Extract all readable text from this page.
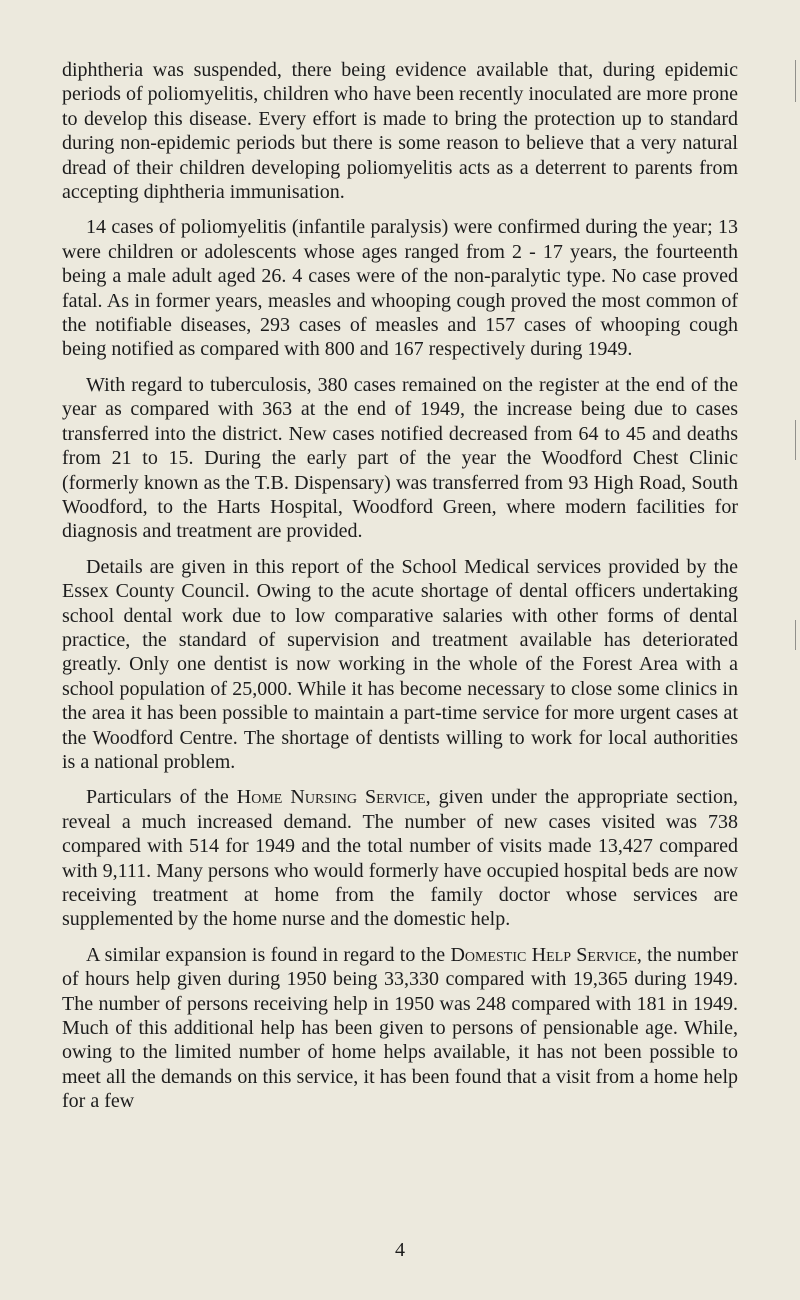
diphtheria was suspended, there being evidence available that, during epidemic periods of poliomyelitis, children who have been recently inoculated are more prone to develop this disease. Every effort is made to bring the protection up to standard during non-epidemic periods but there is some reason to believe that a very natural dread of their children developing poliomyelitis acts as a deterrent to parents from accepting diphtheria immunisation.

14 cases of poliomyelitis (infantile paralysis) were confirmed during the year; 13 were children or adolescents whose ages ranged from 2 - 17 years, the fourteenth being a male adult aged 26. 4 cases were of the non-paralytic type. No case proved fatal. As in former years, measles and whooping cough proved the most common of the notifiable diseases, 293 cases of measles and 157 cases of whooping cough being notified as compared with 800 and 167 respectively during 1949.

With regard to tuberculosis, 380 cases remained on the register at the end of the year as compared with 363 at the end of 1949, the increase being due to cases transferred into the district. New cases notified decreased from 64 to 45 and deaths from 21 to 15. During the early part of the year the Woodford Chest Clinic (formerly known as the T.B. Dispensary) was transferred from 93 High Road, South Woodford, to the Harts Hospital, Woodford Green, where modern facilities for diagnosis and treatment are provided.

Details are given in this report of the School Medical services provided by the Essex County Council. Owing to the acute shortage of dental officers undertaking school dental work due to low comparative salaries with other forms of dental practice, the standard of supervision and treatment available has deteriorated greatly. Only one dentist is now working in the whole of the Forest Area with a school population of 25,000. While it has become necessary to close some clinics in the area it has been possible to maintain a part-time service for more urgent cases at the Woodford Centre. The shortage of dentists willing to work for local authorities is a national problem.

Particulars of the Home Nursing Service, given under the appropriate section, reveal a much increased demand. The number of new cases visited was 738 compared with 514 for 1949 and the total number of visits made 13,427 compared with 9,111. Many persons who would formerly have occupied hospital beds are now receiving treatment at home from the family doctor whose services are supplemented by the home nurse and the domestic help.

A similar expansion is found in regard to the Domestic Help Service, the number of hours help given during 1950 being 33,330 compared with 19,365 during 1949. The number of persons receiving help in 1950 was 248 compared with 181 in 1949. Much of this additional help has been given to persons of pensionable age. While, owing to the limited number of home helps available, it has not been possible to meet all the demands on this service, it has been found that a visit from a home help for a few

4
